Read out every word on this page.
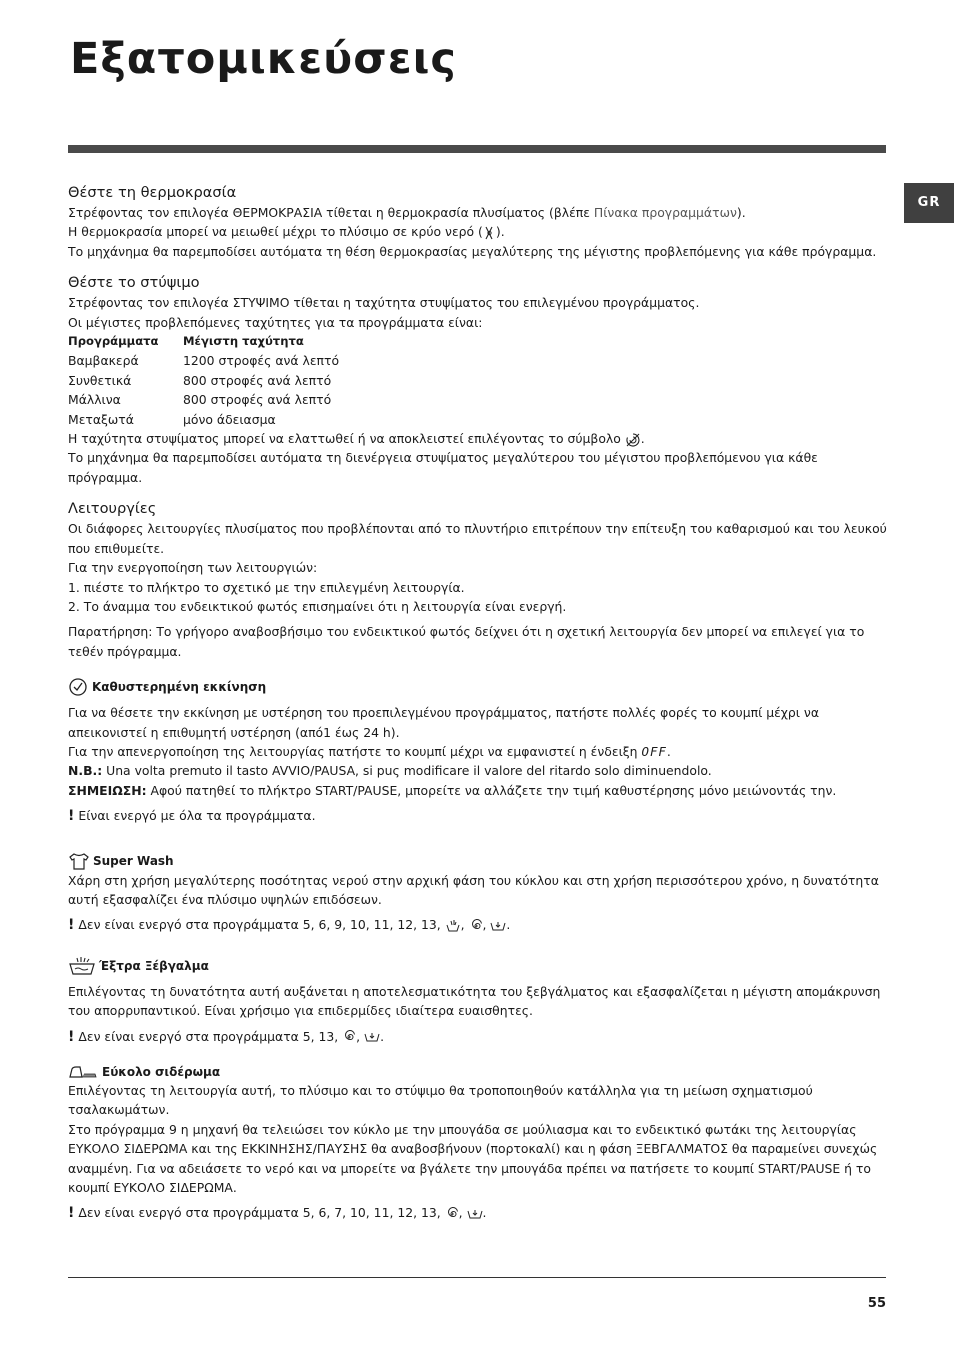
Εξατομικεύσεις
GR
Θέστε τη θερμοκρασία

Στρέφοντας τον επιλογέα ΘΕΡΜΟΚΡΑΣΙΑ τίθεται η θερμοκρασία πλυσίματος (βλέπε Πίνακα προγραμμάτων).

Η θερμοκρασία μπορεί να μειωθεί μέχρι το πλύσιμο σε κρύο νερό ( ).

Το μηχάνημα θα παρεμποδίσει αυτόματα τη θέση θερμοκρασίας μεγαλύτερης της μέγιστης προβλεπόμενης για κάθε πρόγραμμα.

Θέστε το στύψιμο

Στρέφοντας τον επιλογέα ΣΤΥΨΙΜΟ τίθεται η ταχύτητα στυψίματος του επιλεγμένου προγράμματος.

Οι μέγιστες προβλεπόμενες ταχύτητες για τα προγράμματα είναι:

Προγράμματα	Μέγιστη ταχύτητα
Βαμβακερά	1200 στροφές ανά λεπτό
Συνθετικά	800 στροφές ανά λεπτό
Μάλλινα	800 στροφές ανά λεπτό
Μεταξωτά	μόνο άδειασμα

Η ταχύτητα στυψίματος μπορεί να ελαττωθεί ή να αποκλειστεί επιλέγοντας το σύμβολο .

Το μηχάνημα θα παρεμποδίσει αυτόματα τη διενέργεια στυψίματος μεγαλύτερου του μέγιστου προβλεπόμενου για κάθε πρόγραμμα.

Λειτουργίες

Οι διάφορες λειτουργίες πλυσίματος που προβλέπονται από το πλυντήριο επιτρέπουν την επίτευξη του καθαρισμού και του λευκού που επιθυμείτε.

Για την ενεργοποίηση των λειτουργιών:

1. πιέστε το πλήκτρο το σχετικό με την επιλεγμένη λειτουργία.

2. Το άναμμα του ενδεικτικού φωτός επισημαίνει ότι η λειτουργία είναι ενεργή.

Παρατήρηση: Το γρήγορο αναβοσβήσιμο του ενδεικτικού φωτός δείχνει ότι η σχετική λειτουργία δεν μπορεί να επιλεγεί για το τεθέν πρόγραμμα.

Καθυστερημένη εκκίνηση

Για να θέσετε την εκκίνηση με υστέρηση του προεπιλεγμένου προγράμματος, πατήστε πολλές φορές το κουμπί μέχρι να απεικονιστεί η επιθυμητή υστέρηση (από1 έως 24 h).

Για την απενεργοποίηση της λειτουργίας πατήστε το κουμπί μέχρι να εμφανιστεί η ένδειξη OFF.

N.B.: Una volta premuto il tasto AVVIO/PAUSA, si puς modificare il valore del ritardo solo diminuendolo.

ΣΗΜΕΙΩΣΗ: Αφού πατηθεί το πλήκτρο START/PAUSE, μπορείτε να αλλάζετε την τιμή καθυστέρησης μόνο μειώνοντάς την.

! Είναι ενεργό με όλα τα προγράμματα.

Super Wash

Χάρη στη χρήση μεγαλύτερης ποσότητας νερού στην αρχική φάση του κύκλου και στη χρήση περισσότερου χρόνο, η δυνατότητα αυτή εξασφαλίζει ένα πλύσιμο υψηλών επιδόσεων.

! Δεν είναι ενεργό στα προγράμματα 5, 6, 9, 10, 11, 12, 13, , , .

Έξτρα Ξέβγαλμα

Επιλέγοντας τη δυνατότητα αυτή αυξάνεται η αποτελεσματικότητα του ξεβγάλματος και εξασφαλίζεται η μέγιστη απομάκρυνση του απορρυπαντικού. Είναι χρήσιμο για επιδερμίδες ιδιαίτερα ευαισθητες.

! Δεν είναι ενεργό στα προγράμματα 5, 13, , .

Εύκολο σιδέρωμα

Επιλέγοντας τη λειτουργία αυτή, το πλύσιμο και το στύψιμο θα τροποποιηθούν κατάλληλα για τη μείωση σχηματισμού τσαλακωμάτων.

Στο πρόγραμμα 9 η μηχανή θα τελειώσει τον κύκλο με την μπουγάδα σε μούλιασμα και το ενδεικτικό φωτάκι της λειτουργίας ΕΥΚΟΛΟ ΣΙΔΕΡΩΜΑ και της ΕΚΚΙΝΗΣΗΣ/ΠΑΥΣΗΣ θα αναβοσβήνουν (πορτοκαλί) και η φάση ΞΕΒΓΑΛΜΑΤΟΣ θα παραμείνει συνεχώς αναμμένη. Για να αδειάσετε το νερό και να μπορείτε να βγάλετε την μπουγάδα πρέπει να πατήσετε το κουμπί START/PAUSE ή το κουμπί ΕΥΚΟΛΟ ΣΙΔΕΡΩΜΑ.

! Δεν είναι ενεργό στα προγράμματα 5, 6, 7, 10, 11, 12, 13, , .

55
